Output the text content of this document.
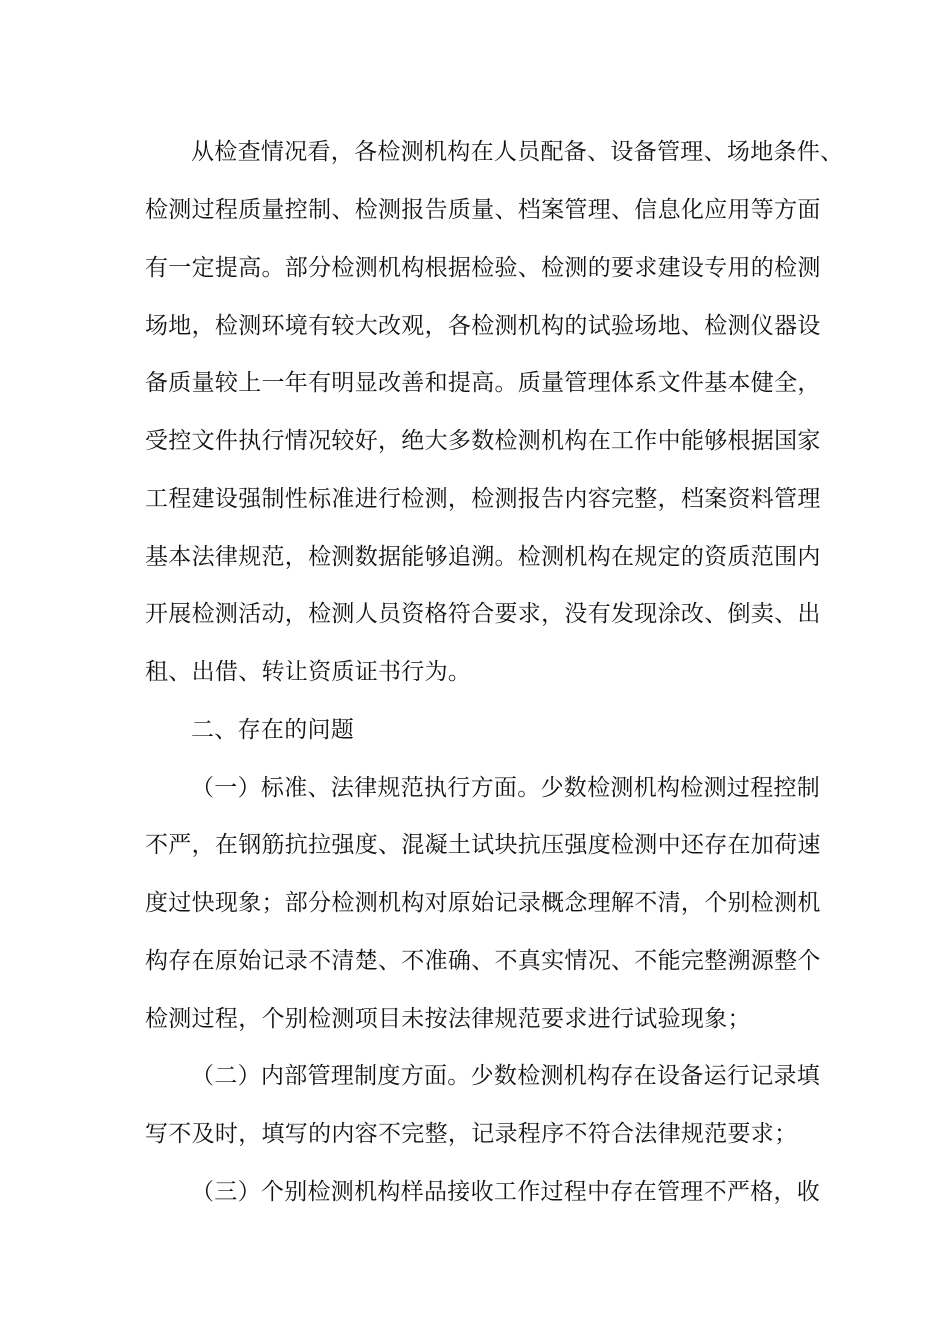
从检查情况看，各检测机构在人员配备、设备管理、场地条件、
检测过程质量控制、检测报告质量、档案管理、信息化应用等方面
有一定提高。部分检测机构根据检验、检测的要求建设专用的检测
场地，检测环境有较大改观，各检测机构的试验场地、检测仪器设
备质量较上一年有明显改善和提高。质量管理体系文件基本健全，
受控文件执行情况较好，绝大多数检测机构在工作中能够根据国家
工程建设强制性标准进行检测，检测报告内容完整，档案资料管理
基本法律规范，检测数据能够追溯。检测机构在规定的资质范围内
开展检测活动，检测人员资格符合要求，没有发现涂改、倒卖、出
租、出借、转让资质证书行为。
二、存在的问题
（一）标准、法律规范执行方面。少数检测机构检测过程控制
不严，在钢筋抗拉强度、混凝土试块抗压强度检测中还存在加荷速
度过快现象；部分检测机构对原始记录概念理解不清，个别检测机
构存在原始记录不清楚、不准确、不真实情况、不能完整溯源整个
检测过程，个别检测项目未按法律规范要求进行试验现象；
（二）内部管理制度方面。少数检测机构存在设备运行记录填
写不及时，填写的内容不完整，记录程序不符合法律规范要求；
（三）个别检测机构样品接收工作过程中存在管理不严格，收
